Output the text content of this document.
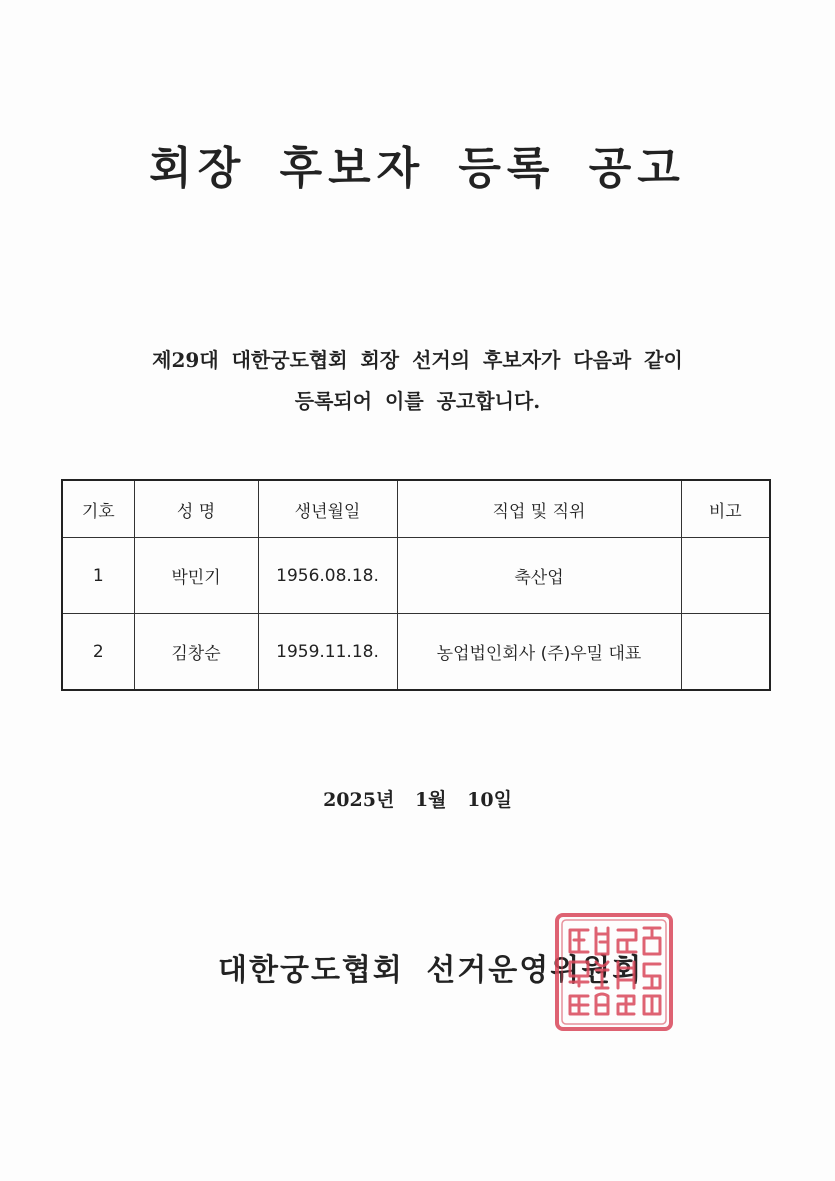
회장 후보자 등록 공고
제29대 대한궁도협회 회장 선거의 후보자가 다음과 같이
등록되어 이를 공고합니다.
기호	성 명	생년월일	직업 및 직위	비고
1	박민기	1956.08.18.	축산업	
2	김창순	1959.11.18.	농업법인회사 (주)우밀 대표	
2025년 1월 10일
대한궁도협회 선거운영위원회
